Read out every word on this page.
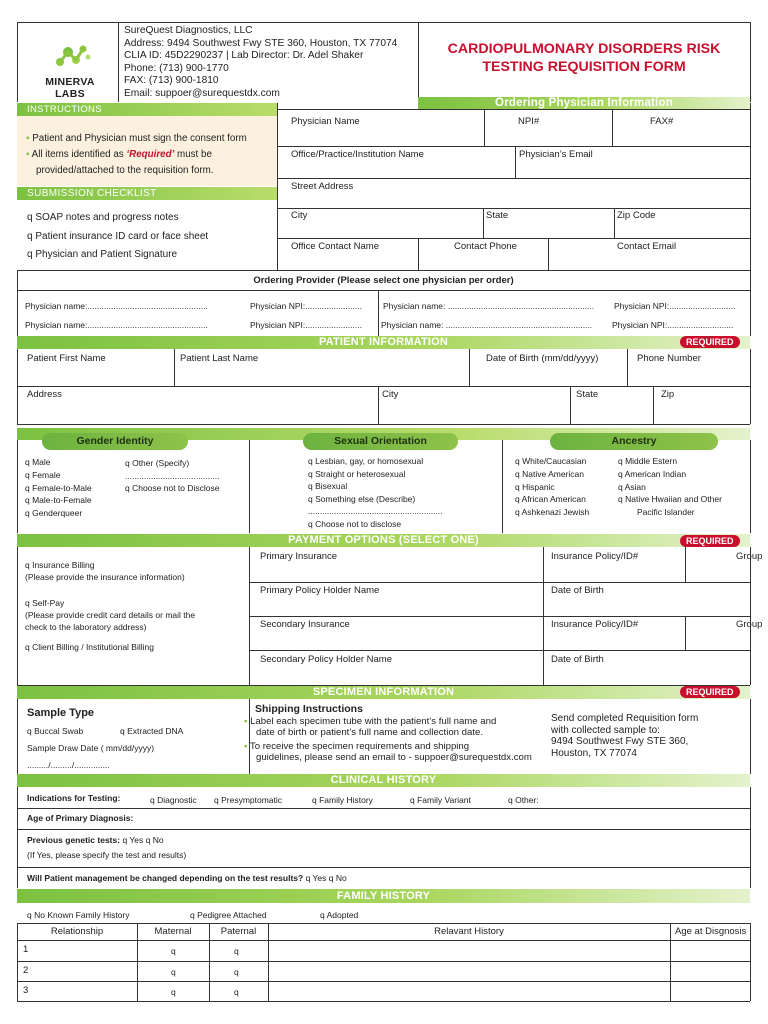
MINERVA LABS
SureQuest Diagnostics, LLC
Address: 9494 Southwest Fwy STE 360, Houston, TX 77074
CLIA ID: 45D2290237 | Lab Director: Dr. Adel Shaker
Phone: (713) 900-1770
FAX: (713) 900-1810
Email: suppoer@surequestdx.com
CARDIOPULMONARY DISORDERS RISK
TESTING REQUISITION FORM
INSTRUCTIONS
▪ Patient and Physician must sign the consent form
▪ All items identified as ‘Required’ must be
provided/attached to the requisition form.
SUBMISSION CHECKLIST
q SOAP notes and progress notes
q Patient insurance ID card or face sheet
q Physician and Patient Signature
Ordering Physician Information
Physician Name	NPI#	FAX#
Office/Practice/Institution Name	Physician’s Email
Street Address
City	State	Zip Code
Office Contact Name	Contact Phone	Contact Email
Ordering Provider (Please select one physician per order)
Physician name:...................................................	Physician NPI:........................ Physician name: .............................................................. Physician NPI:............................
Physician name:...................................................	Physician NPI:........................ Physician name: .............................................................. Physician NPI:............................
PATIENT INFORMATION	REQUIRED
Patient First Name	Patient Last Name	Date of Birth (mm/dd/yyyy)	Phone Number
Address	City	State	Zip
Gender Identity	Sexual Orientation	Ancestry
q Male
q Female
q Female-to-Male
q Male-to-Female
q Genderqueer
q Other (Specify)
........................................
q Choose not to Disclose
q Lesbian, gay, or homosexual
q Straight or heterosexual
q Bisexual
q Something else (Describe)
.........................................................
q Choose not to disclose
q White/Caucasian
q Native American
q Hispanic
q African American
q Ashkenazi Jewish
q Middle Estern
q American Indian
q Asian
q Native Hwaiian and Other
Pacific Islander
PAYMENT OPTIONS (SELECT ONE)	REQUIRED
q Insurance Billing
(Please provide the insurance information)
q Self-Pay
(Please provide credit card details or mail the
check to the laboratory address)
q Client Billing / Institutional Billing
Primary Insurance	Insurance Policy/ID#	Group
Primary Policy Holder Name	Date of Birth
Secondary Insurance	Insurance Policy/ID#	Group
Secondary Policy Holder Name	Date of Birth
SPECIMEN INFORMATION	REQUIRED
Sample Type
q Buccal Swab	q Extracted DNA
Sample Draw Date ( mm/dd/yyyy)
........./........./...............
Shipping Instructions
▪ Label each specimen tube with the patient’s full name and
date of birth or patient’s full name and collection date.
▪ To receive the specimen requirements and shipping
guidelines, please send an email to - suppoer@surequestdx.com
Send completed Requisition form
with collected sample to:
9494 Southwest Fwy STE 360,
Houston, TX 77074
CLINICAL HISTORY
Indications for Testing:	q Diagnostic q Presymptomatic	q Family History	q Family Variant	q Other:
Age of Primary Diagnosis:
Previous genetic tests: q Yes q No
(If Yes, please specify the test and results)
Will Patient management be changed depending on the test results? q Yes q No
FAMILY HISTORY
q No Known Family History	q Pedigree Attached	q Adopted
Relationship	Maternal	Paternal	Relavant History	Age at Disgnosis
1	q	q
2	q	q
3	q	q
